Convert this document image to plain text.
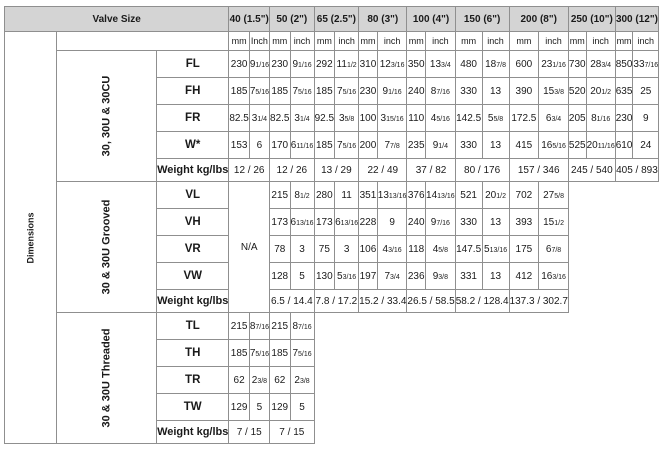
Valve Size			40 (1.5")		50 (2")		65 (2.5")		80 (3")		100 (4")		150 (6")		200 (8")		250 (10")		300 (12")	
Dimensions			mm	Inch	mm	inch	mm	inch	mm	inch	mm	inch	mm	inch	mm	inch	mm	inch	mm	inch
	30, 30U & 30CU	FL	230	91/16	230	91/16	292	111/2	310	123/16	350	133/4	480	187/8	600	231/16	730	283/4	850	337/16
		FH	185	75/16	185	75/16	185	75/16	230	91/16	240	87/16	330	13	390	153/8	520	201/2	635	25
		FR	82.5	31/4	82.5	31/4	92.5	35/8	100	315/16	110	45/16	142.5	55/8	172.5	63/4	205	81/16	230	9
		W*	153	6	170	611/16	185	75/16	200	77/8	235	91/4	330	13	415	165/16	525	2011/16	610	24
		Weight kg/lbs	12 / 26		12 / 26		13 / 29		22 / 49		37 / 82		80 / 176		157 / 346		245 / 540		405 / 893	
	30 & 30U Grooved	VL	N/A		215	81/2	280	11	351	1313/16	376	1413/16	521	201/2	702	275/8				
		VH			173	613/16	173	613/16	228	9	240	97/16	330	13	393	151/2				
		VR			78	3	75	3	106	43/16	118	45/8	147.5	513/16	175	67/8				
		VW			128	5	130	53/16	197	73/4	236	93/8	331	13	412	163/16				
		Weight kg/lbs			6.5 / 14.4		7.8 / 17.2		15.2 / 33.4		26.5 / 58.5		58.2 / 128.4		137.3 / 302.7					
	30 & 30U Threaded	TL	215	87/16	215	87/16														
		TH	185	75/16	185	75/16														
		TR	62	23/8	62	23/8														
		TW	129	5	129	5														
		Weight kg/lbs	7 / 15		7 / 15															
